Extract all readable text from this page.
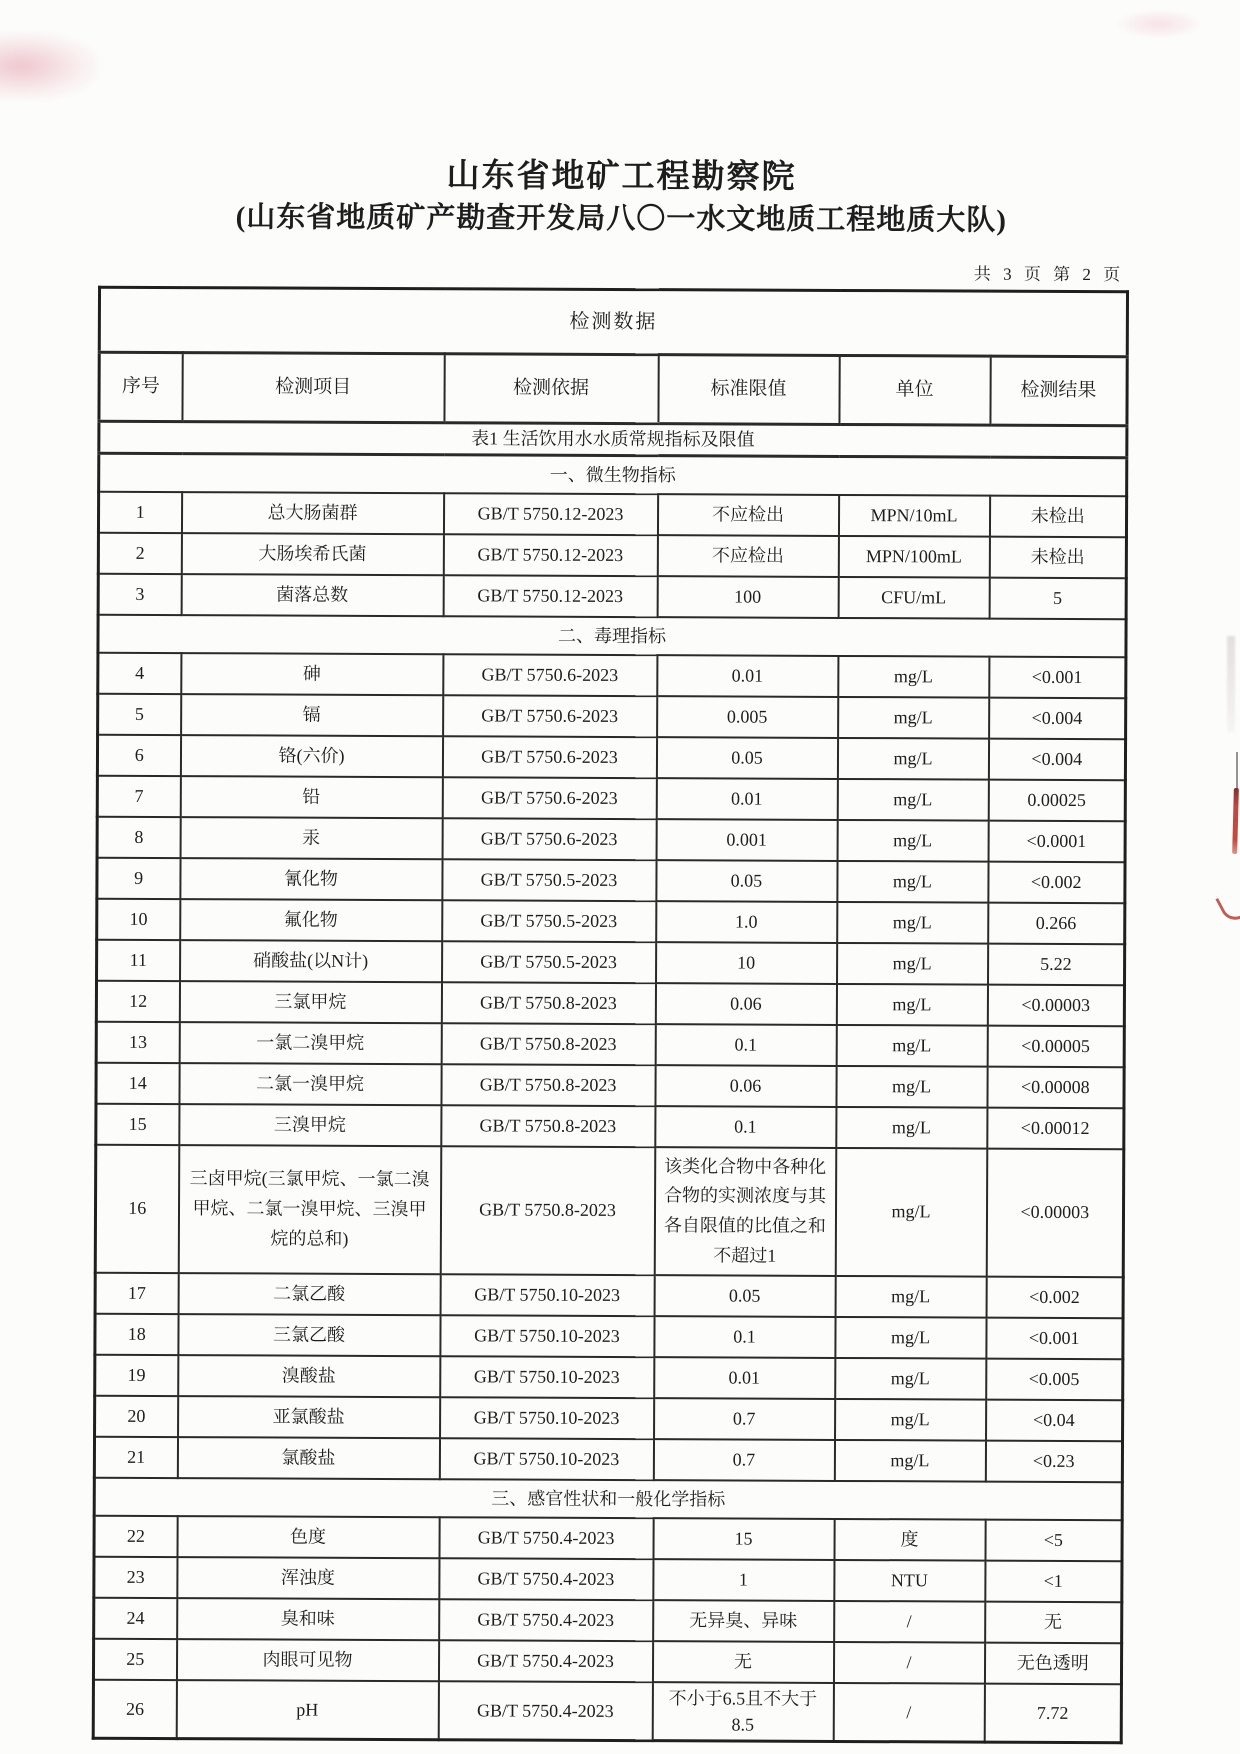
山东省地矿工程勘察院
(山东省地质矿产勘查开发局八〇一水文地质工程地质大队)
共 3 页 第 2 页
检测数据					
序号	检测项目	检测依据	标准限值	单位	检测结果
表1 生活饮用水水质常规指标及限值					
一、微生物指标					
1	总大肠菌群	GB/T 5750.12-2023	不应检出	MPN/10mL	未检出
2	大肠埃希氏菌	GB/T 5750.12-2023	不应检出	MPN/100mL	未检出
3	菌落总数	GB/T 5750.12-2023	100	CFU/mL	5
二、毒理指标					
4	砷	GB/T 5750.6-2023	0.01	mg/L	<0.001
5	镉	GB/T 5750.6-2023	0.005	mg/L	<0.004
6	铬(六价)	GB/T 5750.6-2023	0.05	mg/L	<0.004
7	铅	GB/T 5750.6-2023	0.01	mg/L	0.00025
8	汞	GB/T 5750.6-2023	0.001	mg/L	<0.0001
9	氰化物	GB/T 5750.5-2023	0.05	mg/L	<0.002
10	氟化物	GB/T 5750.5-2023	1.0	mg/L	0.266
11	硝酸盐(以N计)	GB/T 5750.5-2023	10	mg/L	5.22
12	三氯甲烷	GB/T 5750.8-2023	0.06	mg/L	<0.00003
13	一氯二溴甲烷	GB/T 5750.8-2023	0.1	mg/L	<0.00005
14	二氯一溴甲烷	GB/T 5750.8-2023	0.06	mg/L	<0.00008
15	三溴甲烷	GB/T 5750.8-2023	0.1	mg/L	<0.00012
16	三卤甲烷(三氯甲烷、一氯二溴甲烷、二氯一溴甲烷、三溴甲烷的总和)	GB/T 5750.8-2023	该类化合物中各种化合物的实测浓度与其各自限值的比值之和不超过1	mg/L	<0.00003
17	二氯乙酸	GB/T 5750.10-2023	0.05	mg/L	<0.002
18	三氯乙酸	GB/T 5750.10-2023	0.1	mg/L	<0.001
19	溴酸盐	GB/T 5750.10-2023	0.01	mg/L	<0.005
20	亚氯酸盐	GB/T 5750.10-2023	0.7	mg/L	<0.04
21	氯酸盐	GB/T 5750.10-2023	0.7	mg/L	<0.23
三、感官性状和一般化学指标					
22	色度	GB/T 5750.4-2023	15	度	<5
23	浑浊度	GB/T 5750.4-2023	1	NTU	<1
24	臭和味	GB/T 5750.4-2023	无异臭、异味	/	无
25	肉眼可见物	GB/T 5750.4-2023	无	/	无色透明
26	pH	GB/T 5750.4-2023	不小于6.5且不大于8.5	/	7.72
